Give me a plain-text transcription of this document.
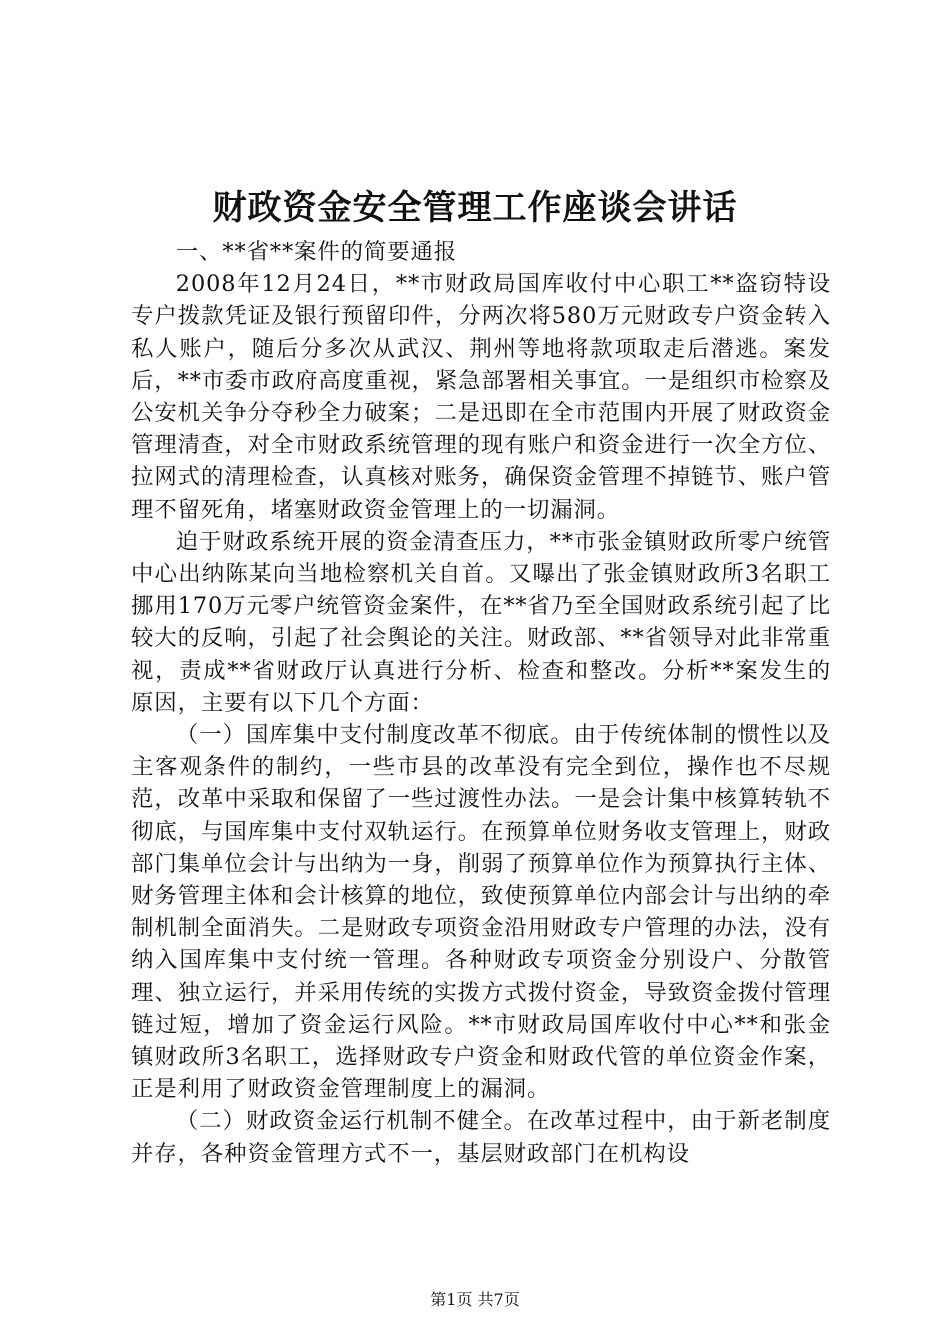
财政资金安全管理工作座谈会讲话

一、**省**案件的简要通报

2008年12月24日，**市财政局国库收付中心职工**盗窃特设专户拨款凭证及银行预留印件，分两次将580万元财政专户资金转入私人账户，随后分多次从武汉、荆州等地将款项取走后潜逃。案发后，**市委市政府高度重视，紧急部署相关事宜。一是组织市检察及公安机关争分夺秒全力破案；二是迅即在全市范围内开展了财政资金管理清查，对全市财政系统管理的现有账户和资金进行一次全方位、拉网式的清理检查，认真核对账务，确保资金管理不掉链节、账户管理不留死角，堵塞财政资金管理上的一切漏洞。

迫于财政系统开展的资金清查压力，**市张金镇财政所零户统管中心出纳陈某向当地检察机关自首。又曝出了张金镇财政所3名职工挪用170万元零户统管资金案件，在**省乃至全国财政系统引起了比较大的反响，引起了社会舆论的关注。财政部、**省领导对此非常重视，责成**省财政厅认真进行分析、检查和整改。分析**案发生的原因，主要有以下几个方面：

（一）国库集中支付制度改革不彻底。由于传统体制的惯性以及主客观条件的制约，一些市县的改革没有完全到位，操作也不尽规范，改革中采取和保留了一些过渡性办法。一是会计集中核算转轨不彻底，与国库集中支付双轨运行。在预算单位财务收支管理上，财政部门集单位会计与出纳为一身，削弱了预算单位作为预算执行主体、财务管理主体和会计核算的地位，致使预算单位内部会计与出纳的牵制机制全面消失。二是财政专项资金沿用财政专户管理的办法，没有纳入国库集中支付统一管理。各种财政专项资金分别设户、分散管理、独立运行，并采用传统的实拨方式拨付资金，导致资金拨付管理链过短，增加了资金运行风险。**市财政局国库收付中心**和张金镇财政所3名职工，选择财政专户资金和财政代管的单位资金作案，正是利用了财政资金管理制度上的漏洞。

（二）财政资金运行机制不健全。在改革过程中，由于新老制度并存，各种资金管理方式不一，基层财政部门在机构设

第1页 共7页
